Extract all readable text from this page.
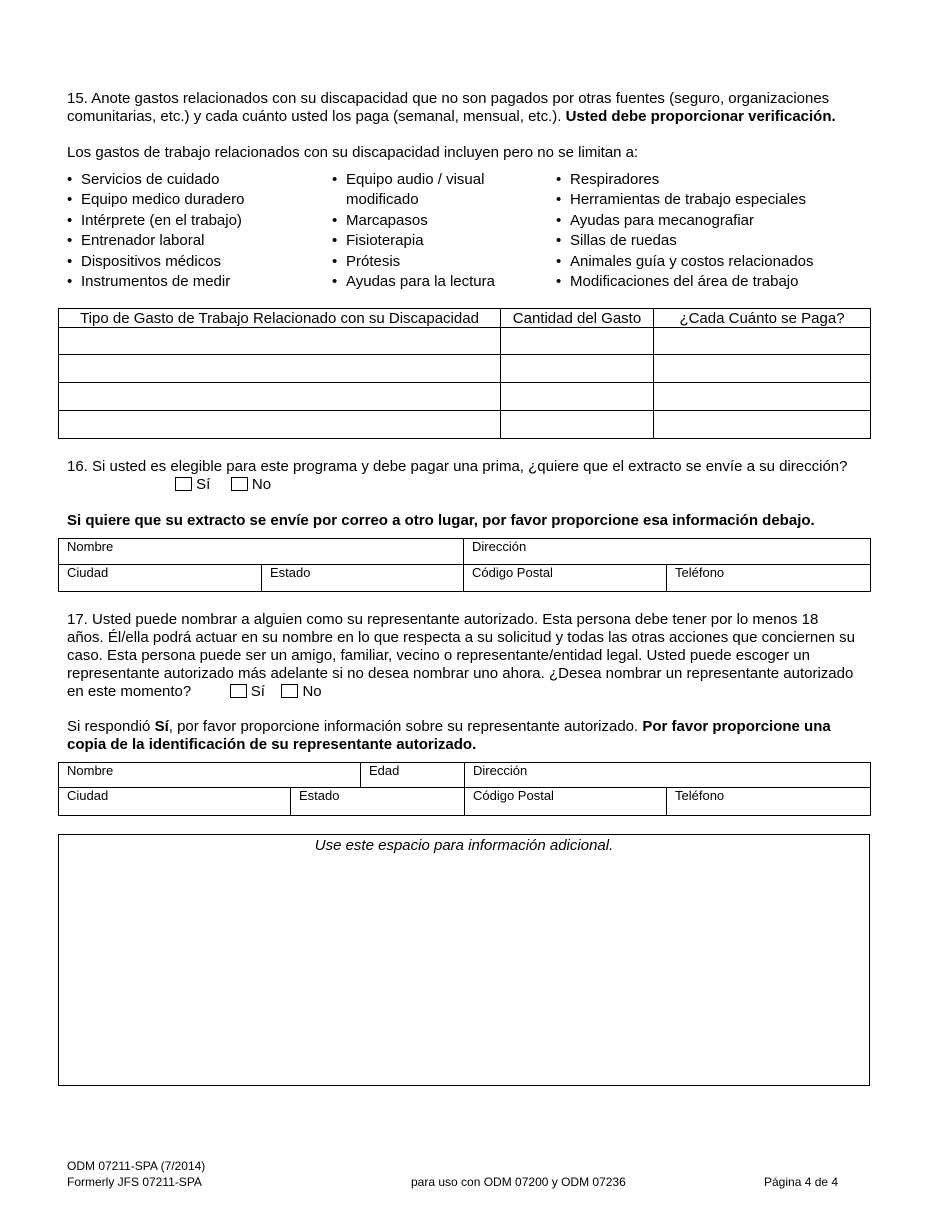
15. Anote gastos relacionados con su discapacidad que no son pagados por otras fuentes (seguro, organizaciones comunitarias, etc.) y cada cuánto usted los paga (semanal, mensual, etc.). Usted debe proporcionar verificación.
Los gastos de trabajo relacionados con su discapacidad incluyen pero no se limitan a:
• Servicios de cuidado
• Equipo medico duradero
• Intérprete (en el trabajo)
• Entrenador laboral
• Dispositivos médicos
• Instrumentos de medir
• Equipo audio / visual
modificado
• Marcapasos
• Fisioterapia
• Prótesis
• Ayudas para la lectura
• Respiradores
• Herramientas de trabajo especiales
• Ayudas para mecanografiar
• Sillas de ruedas
• Animales guía y costos relacionados
• Modificaciones del área de trabajo
Tipo de Gasto de Trabajo Relacionado con su Discapacidad	Cantidad del Gasto	¿Cada Cuánto se Paga?

16. Si usted es elegible para este programa y debe pagar una prima, ¿quiere que el extracto se envíe a su dirección?
Sí	No
Si quiere que su extracto se envíe por correo a otro lugar, por favor proporcione esa información debajo.
Nombre		Dirección	
Ciudad	Estado	Código Postal	Teléfono
17. Usted puede nombrar a alguien como su representante autorizado. Esta persona debe tener por lo menos 18
años. Él/ella podrá actuar en su nombre en lo que respecta a su solicitud y todas las otras acciones que conciernen su
caso. Esta persona puede ser un amigo, familiar, vecino o representante/entidad legal. Usted puede escoger un
representante autorizado más adelante si no desea nombrar uno ahora. ¿Desea nombrar un representante autorizado
en este momento?	Sí	No
Si respondió Sí, por favor proporcione información sobre su representante autorizado. Por favor proporcione una
copia de la identificación de su representante autorizado.
Nombre		Edad	Dirección	
Ciudad	Estado		Código Postal	Teléfono
Use este espacio para información adicional.
ODM 07211-SPA (7/2014)
Formerly JFS 07211-SPA	para uso con ODM 07200 y ODM 07236	Página 4 de 4
